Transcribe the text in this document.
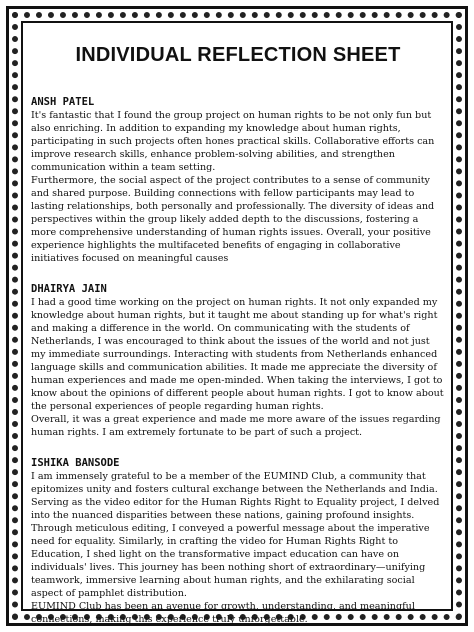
INDIVIDUAL REFLECTION SHEET
ANSH PATEL

It's fantastic that I found the group project on human rights to be not only fun but also enriching. In addition to expanding my knowledge about human rights, participating in such projects often hones practical skills. Collaborative efforts can improve research skills, enhance problem-solving abilities, and strengthen communication within a team setting.

Furthermore, the social aspect of the project contributes to a sense of community and shared purpose. Building connections with fellow participants may lead to lasting relationships, both personally and professionally. The diversity of ideas and perspectives within the group likely added depth to the discussions, fostering a more comprehensive understanding of human rights issues. Overall, your positive experience highlights the multifaceted benefits of engaging in collaborative initiatives focused on meaningful causes

DHAIRYA JAIN

I had a good time working on the project on human rights. It not only expanded my knowledge about human rights, but it taught me about standing up for what's right and making a difference in the world. On communicating with the students of Netherlands, I was encouraged to think about the issues of the world and not just my immediate surroundings. Interacting with students from Netherlands enhanced language skills and communication abilities. It made me appreciate the diversity of human experiences and made me open-minded. When taking the interviews, I got to know about the opinions of different people about human rights. I got to know about the personal experiences of people regarding human rights.

Overall, it was a great experience and made me more aware of the issues regarding human rights. I am extremely fortunate to be part of such a project.

ISHIKA BANSODE

I am immensely grateful to be a member of the EUMIND Club, a community that epitomizes unity and fosters cultural exchange between the Netherlands and India. Serving as the video editor for the Human Rights Right to Equality project, I delved into the nuanced disparities between these nations, gaining profound insights. Through meticulous editing, I conveyed a powerful message about the imperative need for equality. Similarly, in crafting the video for Human Rights Right to Education, I shed light on the transformative impact education can have on individuals' lives. This journey has been nothing short of extraordinary—unifying teamwork, immersive learning about human rights, and the exhilarating social aspect of pamphlet distribution.

EUMIND Club has been an avenue for growth, understanding, and meaningful connections, making this experience truly unforgettable.
